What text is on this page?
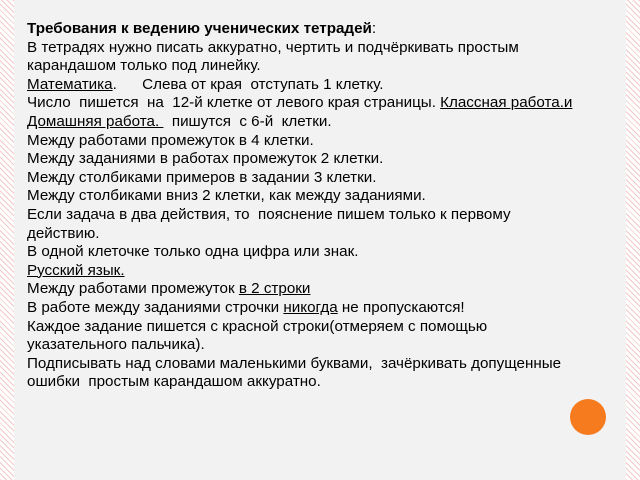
Требования к ведению ученических тетрадей:
В тетрадях нужно писать аккуратно, чертить и подчёркивать простым
карандашом только под линейку.
Математика.      Слева от края  отступать 1 клетку.
Число  пишется  на  12-й клетке от левого края страницы. Классная работа.и
Домашняя работа.   пишутся  с 6-й  клетки.
Между работами промежуток в 4 клетки.
Между заданиями в работах промежуток 2 клетки.
Между столбиками примеров в задании 3 клетки.
Между столбиками вниз 2 клетки, как между заданиями.
Если задача в два действия, то  пояснение пишем только к первому
действию.
В одной клеточке только одна цифра или знак.
Русский язык.
Между работами промежуток в 2 строки
В работе между заданиями строчки никогда не пропускаются!
Каждое задание пишется с красной строки(отмеряем с помощью
указательного пальчика).
Подписывать над словами маленькими буквами,  зачёркивать допущенные
ошибки  простым карандашом аккуратно.
